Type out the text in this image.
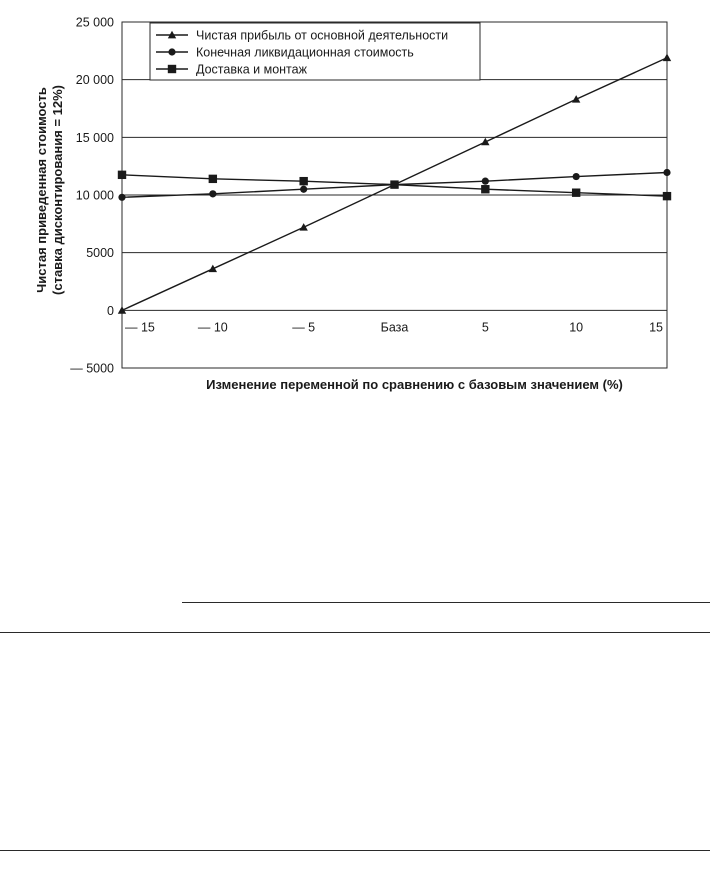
25 000
20 000
15 000
10 000
5000
0
— 5000
— 15	— 10	— 5	База	5	10	15
Чистая прибыль от основной деятельности
Конечная ликвидационная стоимость
Доставка и монтаж
Изменение переменной по сравнению с базовым значением (%)
Чистая приведенная стоимость (ставка дисконтирования = 12%)
